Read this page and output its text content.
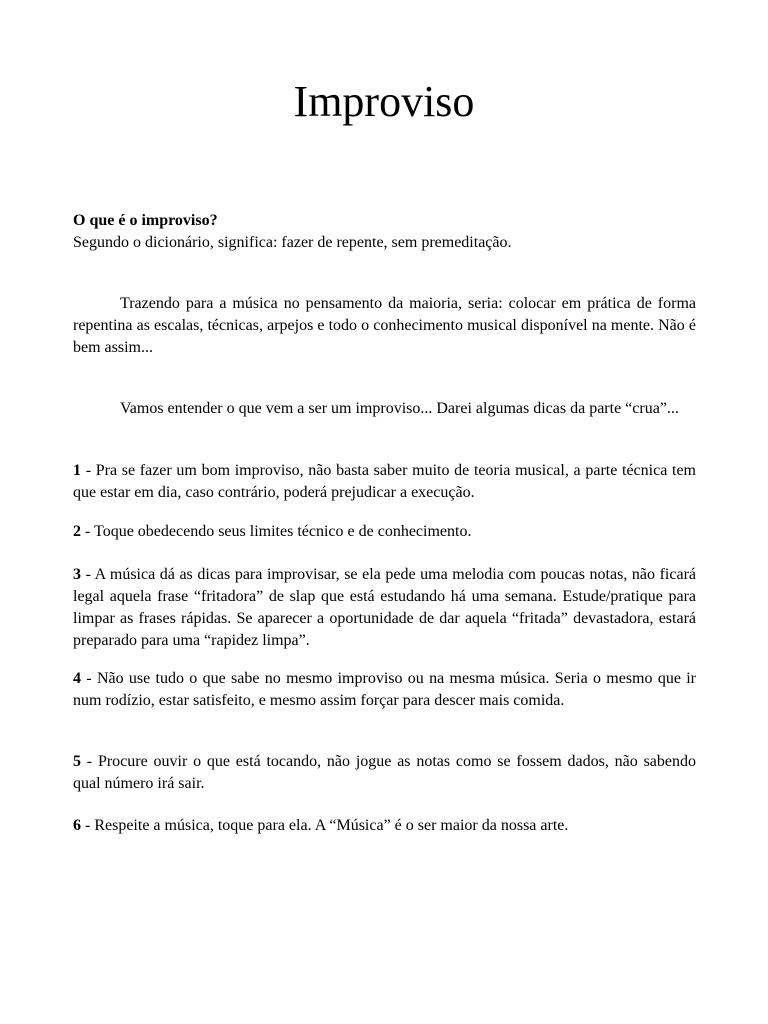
Improviso

O que é o improviso?

Segundo o dicionário, significa: fazer de repente, sem premeditação.

Trazendo para a música no pensamento da maioria, seria: colocar em prática de forma repentina as escalas, técnicas, arpejos e todo o conhecimento musical disponível na mente. Não é bem assim...

Vamos entender o que vem a ser um improviso... Darei algumas dicas da parte “crua”...

1 - Pra se fazer um bom improviso, não basta saber muito de teoria musical, a parte técnica tem que estar em dia, caso contrário, poderá prejudicar a execução.

2 - Toque obedecendo seus limites técnico e de conhecimento.

3 - A música dá as dicas para improvisar, se ela pede uma melodia com poucas notas, não ficará legal aquela frase “fritadora” de slap que está estudando há uma semana. Estude/pratique para limpar as frases rápidas. Se aparecer a oportunidade de dar aquela “fritada” devastadora, estará preparado para uma “rapidez limpa”.

4 - Não use tudo o que sabe no mesmo improviso ou na mesma música. Seria o mesmo que ir num rodízio, estar satisfeito, e mesmo assim forçar para descer mais comida.

5 - Procure ouvir o que está tocando, não jogue as notas como se fossem dados, não sabendo qual número irá sair.

6 - Respeite a música, toque para ela. A “Música” é o ser maior da nossa arte.
